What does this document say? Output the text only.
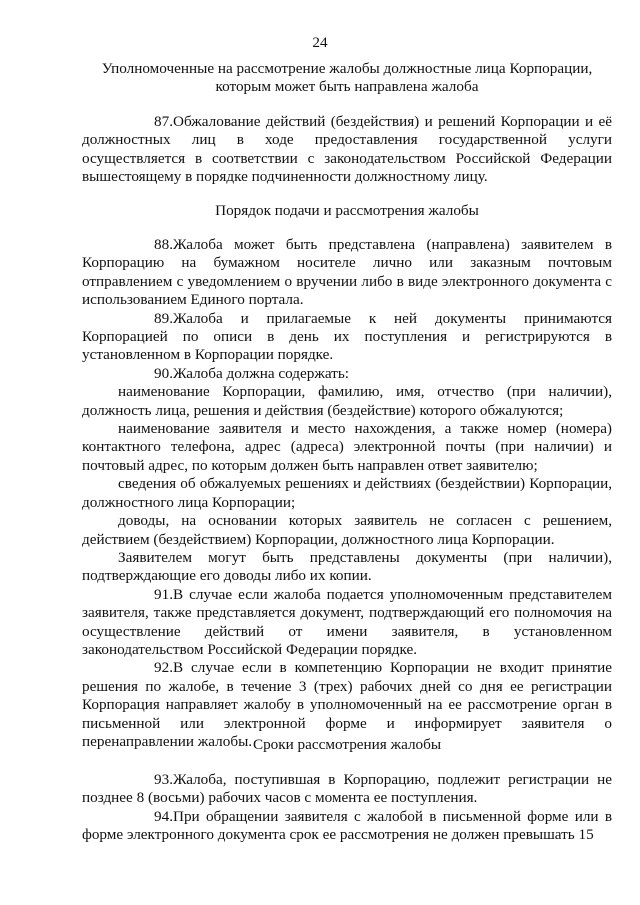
24
Уполномоченные на рассмотрение жалобы должностные лица Корпорации, которым может быть направлена жалоба

87.Обжалование действий (бездействия) и решений Корпорации и её должностных лиц в ходе предоставления государственной услуги осуществляется в соответствии с законодательством Российской Федерации вышестоящему в порядке подчиненности должностному лицу.

Порядок подачи и рассмотрения жалобы

88.Жалоба может быть представлена (направлена) заявителем в Корпорацию на бумажном носителе лично или заказным почтовым отправлением с уведомлением о вручении либо в виде электронного документа с использованием Единого портала.

89.Жалоба и прилагаемые к ней документы принимаются Корпорацией по описи в день их поступления и регистрируются в установленном в Корпорации порядке.

90.Жалоба должна содержать:

наименование Корпорации, фамилию, имя, отчество (при наличии), должность лица, решения и действия (бездействие) которого обжалуются;

наименование заявителя и место нахождения, а также номер (номера) контактного телефона, адрес (адреса) электронной почты (при наличии) и почтовый адрес, по которым должен быть направлен ответ заявителю;

сведения об обжалуемых решениях и действиях (бездействии) Корпорации, должностного лица Корпорации;

доводы, на основании которых заявитель не согласен с решением, действием (бездействием) Корпорации, должностного лица Корпорации.

Заявителем могут быть представлены документы (при наличии), подтверждающие его доводы либо их копии.

91.В случае если жалоба подается уполномоченным представителем заявителя, также представляется документ, подтверждающий его полномочия на осуществление действий от имени заявителя, в установленном законодательством Российской Федерации порядке.

92.В случае если в компетенцию Корпорации не входит принятие решения по жалобе, в течение 3 (трех) рабочих дней со дня ее регистрации Корпорация направляет жалобу в уполномоченный на ее рассмотрение орган в письменной или электронной форме и информирует заявителя о перенаправлении жалобы. Сроки рассмотрения жалобы

93.Жалоба, поступившая в Корпорацию, подлежит регистрации не позднее 8 (восьми) рабочих часов с момента ее поступления.

94.При обращении заявителя с жалобой в письменной форме или в форме электронного документа срок ее рассмотрения не должен превышать 15
